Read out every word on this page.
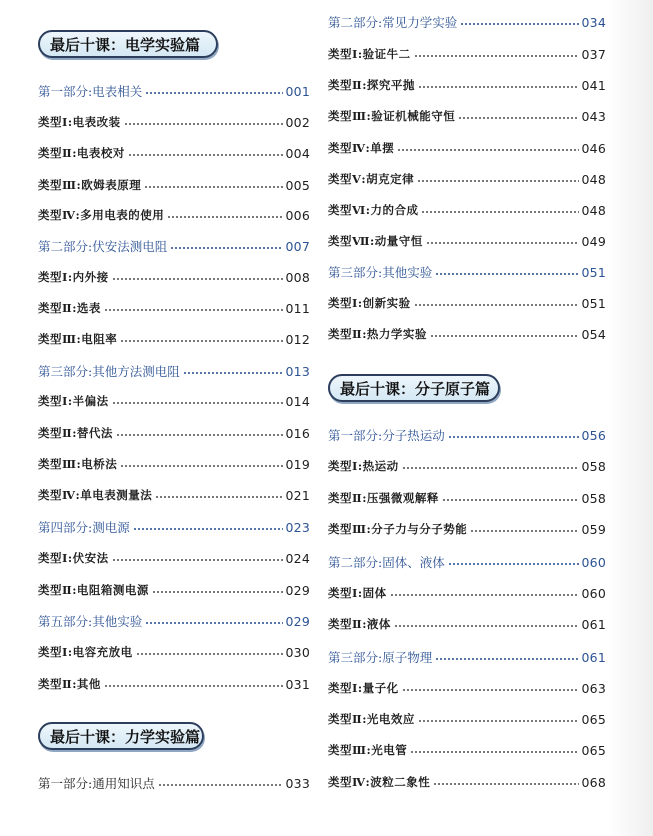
最后十课：电学实验篇
最后十课：力学实验篇
第一部分:电表相关	001
类型Ⅰ:电表改装	002
类型Ⅱ:电表校对	004
类型Ⅲ:欧姆表原理	005
类型Ⅳ:多用电表的使用	006
第二部分:伏安法测电阻	007
类型Ⅰ:内外接	008
类型Ⅱ:选表	011
类型Ⅲ:电阻率	012
第三部分:其他方法测电阻	013
类型Ⅰ:半偏法	014
类型Ⅱ:替代法	016
类型Ⅲ:电桥法	019
类型Ⅳ:单电表测量法	021
第四部分:测电源	023
类型Ⅰ:伏安法	024
类型Ⅱ:电阻箱测电源	029
第五部分:其他实验	029
类型Ⅰ:电容充放电	030
类型Ⅱ:其他	031
第一部分:通用知识点	033
最后十课：分子原子篇
第二部分:常见力学实验	034
类型Ⅰ:验证牛二	037
类型Ⅱ:探究平抛	041
类型Ⅲ:验证机械能守恒	043
类型Ⅳ:单摆	046
类型Ⅴ:胡克定律	048
类型Ⅵ:力的合成	048
类型Ⅶ:动量守恒	049
第三部分:其他实验	051
类型Ⅰ:创新实验	051
类型Ⅱ:热力学实验	054
第一部分:分子热运动	056
类型Ⅰ:热运动	058
类型Ⅱ:压强微观解释	058
类型Ⅲ:分子力与分子势能	059
第二部分:固体、液体	060
类型Ⅰ:固体	060
类型Ⅱ:液体	061
第三部分:原子物理	061
类型Ⅰ:量子化	063
类型Ⅱ:光电效应	065
类型Ⅲ:光电管	065
类型Ⅳ:波粒二象性	068
